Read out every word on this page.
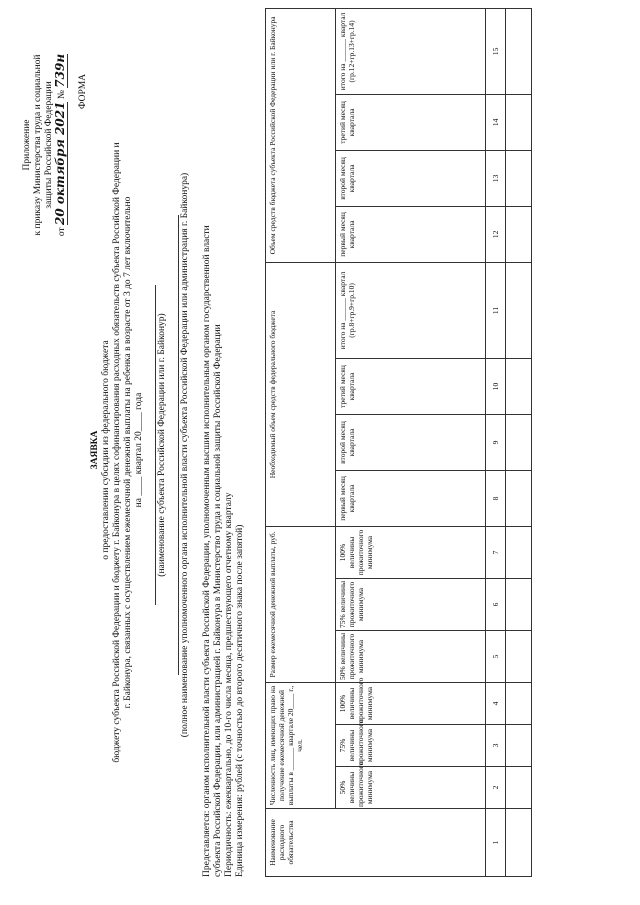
Приложение к приказу Министерства труда и социальной защиты Российской Федерации
от 20 октября 2021 № 739н
ФОРМА
ЗАЯВКА о предоставлении субсидии из федерального бюджета бюджету субъекта Российской Федерации и бюджету г. Байконура в целях софинансирования расходных обязательств субъекта Российской Федерации и г. Байконура, связанных с осуществлением ежемесячной денежной выплаты на ребенка в возрасте от 3 до 7 лет включительно на ____ квартал 20____ года (наименование субъекта Российской Федерации или г. Байконур) (полное наименование уполномоченного органа исполнительной власти субъекта Российской Федерации или администрация г. Байконура) Представляется: органом исполнительной власти субъекта Российской Федерации, уполномоченным высшим исполнительным органом государственной власти субъекта Российской Федерации, или администрацией г. Байконура в Министерство труда и социальной защиты Российской Федерации Периодичность: ежеквартально, до 10-го числа месяца, предшествующего отчетному кварталу Единица измерения: рублей (с точностью до второго десятичного знака после запятой)	Наименование расходного обязательства	Численность лиц, имеющих право на получение ежемесячной денежной выплаты в ______ квартале 20____ г., чел.			Размер ежемесячной денежной выплаты, руб.			Необходимый объем средств федерального бюджета				Объем средств бюджета субъекта Российской Федерации или г. Байконура			
	50% величины прожиточного минимума	75% величины прожиточного минимума	100% величины прожиточного минимума	50% величины прожиточного минимума	75% величины прожиточного минимума	100% величины прожиточного минимума	первый месяц квартала	второй месяц квартала	третий месяц квартала	итого на ______ квартал (гр.8+гр.9+гр.10)	первый месяц квартала	второй месяц квартала	третий месяц квартала	итого на ______ квартал (гр.12+гр.13+гр.14)
1	2	3	4	5	6	7	8	9	10	11	12	13	14	15
